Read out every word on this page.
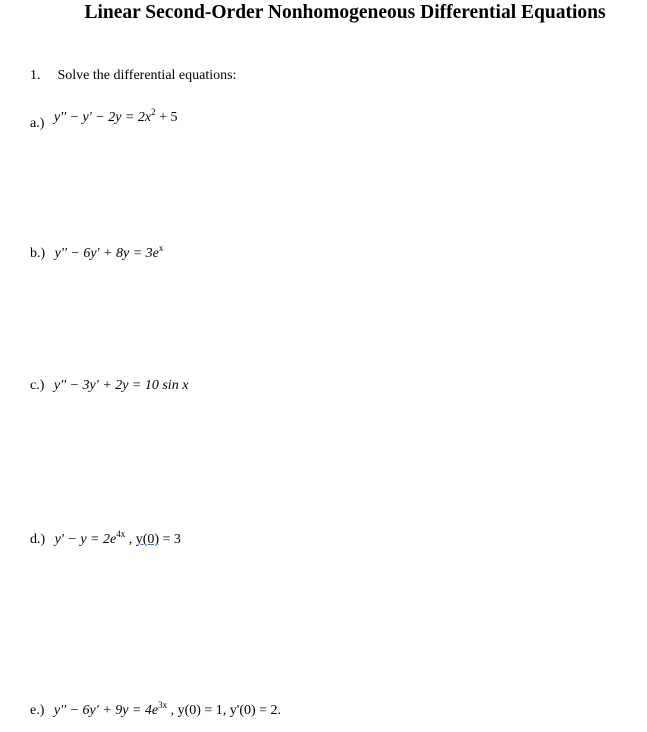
Linear Second-Order Nonhomogeneous Differential Equations
1. Solve the differential equations:
a.) $y'' - y' - 2y = 2x^2 + 5$
b.) $y'' - 6y' + 8y = 3e^x$
c.) y'' − 3y' + 2y = 10 sin x
d.) $y' - y = 2e^{4x}$ , y(0) = 3
e.) $y'' - 6y' + 9y = 4e^{3x}$ , y(0) = 1, y'(0) = 2.
